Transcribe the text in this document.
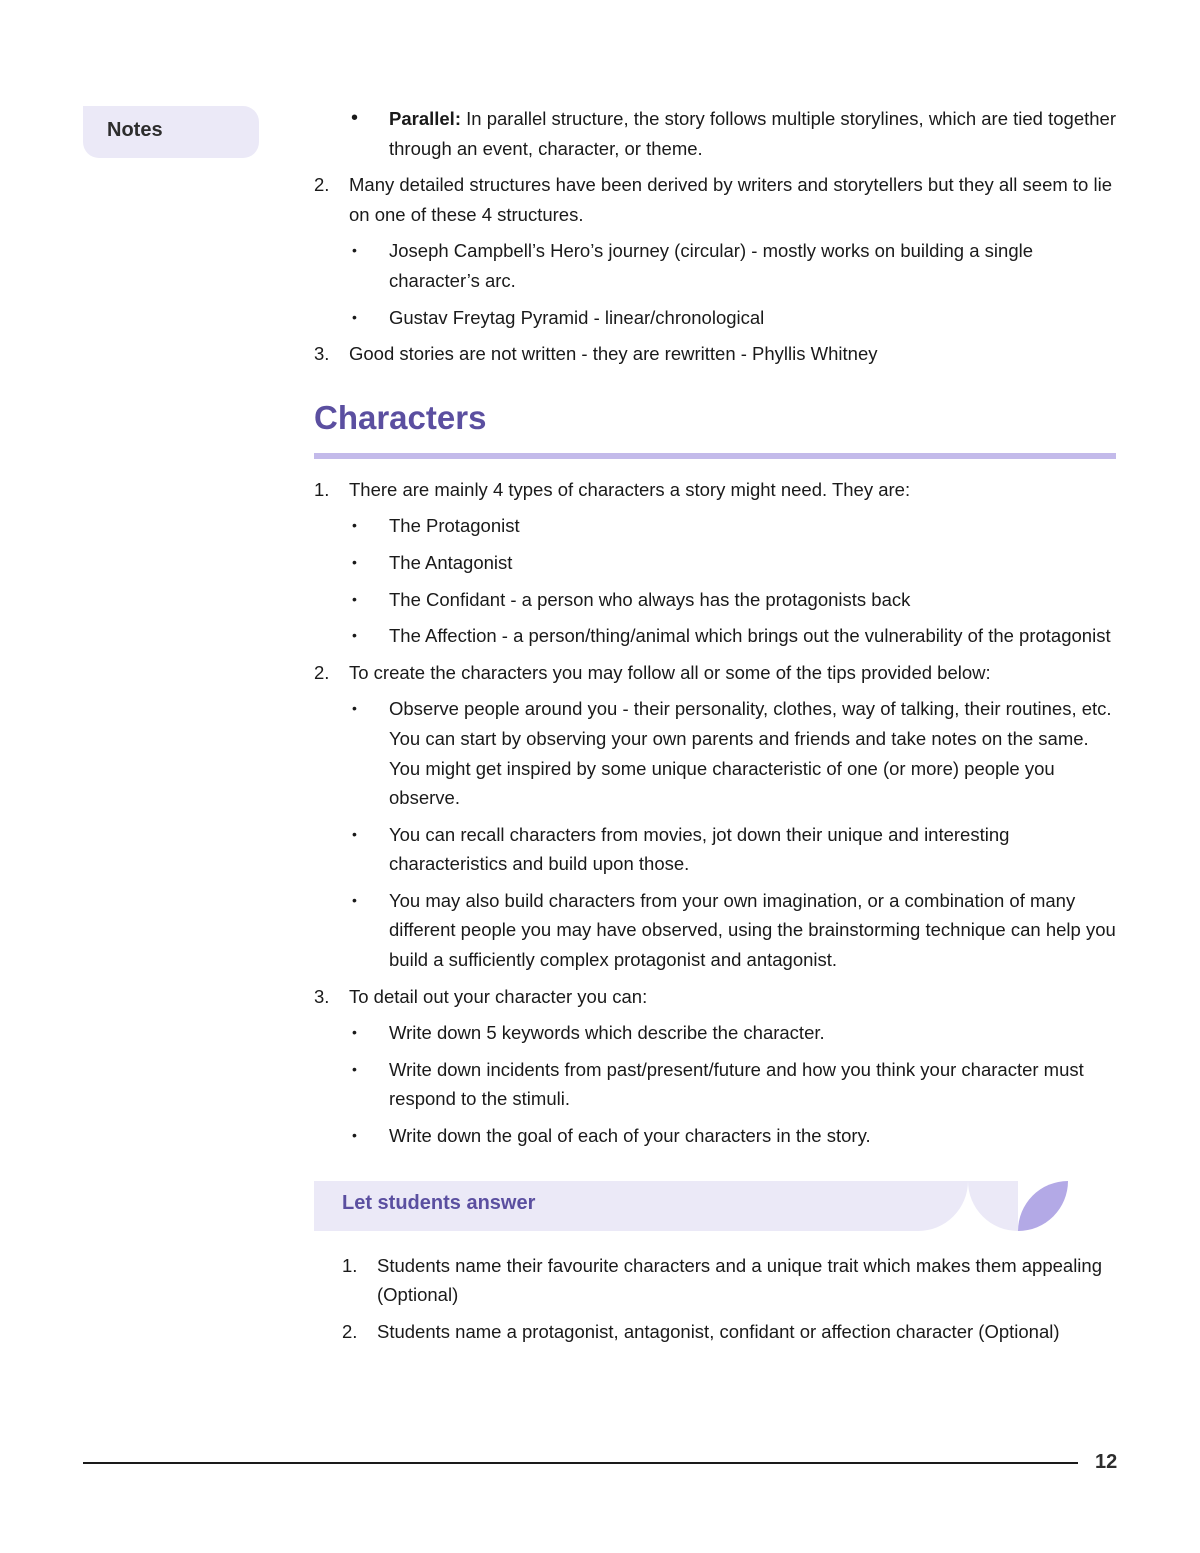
Notes
• Parallel: In parallel structure, the story follows multiple storylines, which are tied together through an event, character, or theme.
2. Many detailed structures have been derived by writers and storytellers but they all seem to lie on one of these 4 structures.
• Joseph Campbell’s Hero’s journey (circular) - mostly works on building a single character’s arc.
• Gustav Freytag Pyramid - linear/chronological
3. Good stories are not written - they are rewritten - Phyllis Whitney
Characters
1. There are mainly 4 types of characters a story might need. They are:
• The Protagonist
• The Antagonist
• The Confidant - a person who always has the protagonists back
• The Affection - a person/thing/animal which brings out the vulnerability of the protagonist
2. To create the characters you may follow all or some of the tips provided below:
• Observe people around you - their personality, clothes, way of talking, their routines, etc. You can start by observing your own parents and friends and take notes on the same. You might get inspired by some unique characteristic of one (or more) people you observe.
• You can recall characters from movies, jot down their unique and interesting characteristics and build upon those.
• You may also build characters from your own imagination, or a combination of many different people you may have observed, using the brainstorming technique can help you build a sufficiently complex protagonist and antagonist.
3. To detail out your character you can:
• Write down 5 keywords which describe the character.
• Write down incidents from past/present/future and how you think your character must respond to the stimuli.
• Write down the goal of each of your characters in the story.
Let students answer
1. Students name their favourite characters and a unique trait which makes them appealing (Optional)
2. Students name a protagonist, antagonist, confidant or affection character (Optional)
12
